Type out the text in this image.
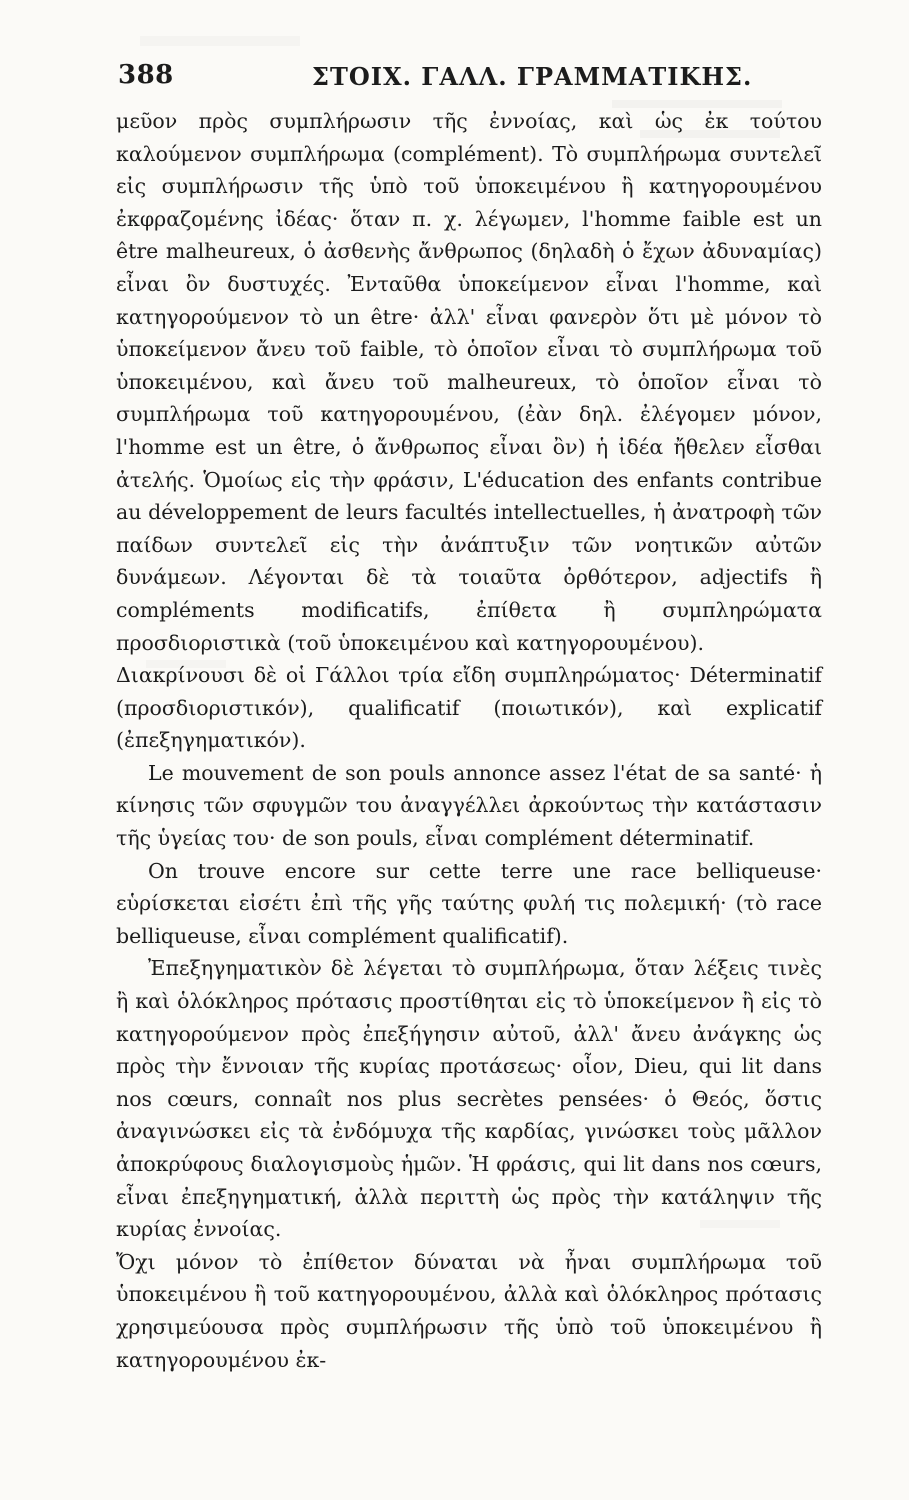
388	ΣΤΟΙΧ. ΓΑΛΛ. ΓΡΑΜΜΑΤΙΚΗΣ.

μεῦον πρὸς συμπλήρωσιν τῆς ἐννοίας, καὶ ὡς ἐκ τούτου καλούμενον συμπλήρωμα (complément). Τὸ συμπλήρωμα συντελεῖ εἰς συμπλήρωσιν τῆς ὑπὸ τοῦ ὑποκειμένου ἢ κατηγορουμένου ἐκφραζομένης ἰδέας· ὅταν π. χ. λέγωμεν, l'homme faible est un être malheureux, ὁ ἀσθενὴς ἄνθρωπος (δηλαδὴ ὁ ἔχων ἀδυναμίας) εἶναι ὂν δυστυχές. Ἐνταῦθα ὑποκείμενον εἶναι l'homme, καὶ κατηγορούμενον τὸ un être· ἀλλ' εἶναι φανερὸν ὅτι μὲ μόνον τὸ ὑποκείμενον ἄνευ τοῦ faible, τὸ ὁποῖον εἶναι τὸ συμπλήρωμα τοῦ ὑποκειμένου, καὶ ἄνευ τοῦ malheureux, τὸ ὁποῖον εἶναι τὸ συμπλήρωμα τοῦ κατηγορουμένου, (ἐὰν δηλ. ἐλέγομεν μόνον, l'homme est un être, ὁ ἄνθρωπος εἶναι ὂν) ἡ ἰδέα ἤθελεν εἶσθαι ἀτελής. Ὁμοίως εἰς τὴν φράσιν, L'éducation des enfants contribue au développement de leurs facultés intellectuelles, ἡ ἀνατροφὴ τῶν παίδων συντελεῖ εἰς τὴν ἀνάπτυξιν τῶν νοητικῶν αὐτῶν δυνάμεων. Λέγονται δὲ τὰ τοιαῦτα ὀρθότερον, adjectifs ἢ compléments modificatifs, ἐπίθετα ἢ συμπληρώματα προσδιοριστικὰ (τοῦ ὑποκειμένου καὶ κατηγορουμένου).

Διακρίνουσι δὲ οἱ Γάλλοι τρία εἴδη συμπληρώματος· Déterminatif (προσδιοριστικόν), qualificatif (ποιωτικόν), καὶ explicatif (ἐπεξηγηματικόν).

Le mouvement de son pouls annonce assez l'état de sa santé· ἡ κίνησις τῶν σφυγμῶν του ἀναγγέλλει ἀρκούντως τὴν κατάστασιν τῆς ὑγείας του· de son pouls, εἶναι complément déterminatif.

On trouve encore sur cette terre une race belliqueuse· εὑρίσκεται εἰσέτι ἐπὶ τῆς γῆς ταύτης φυλή τις πολεμική· (τὸ race belliqueuse, εἶναι complément qualificatif).

Ἐπεξηγηματικὸν δὲ λέγεται τὸ συμπλήρωμα, ὅταν λέξεις τινὲς ἢ καὶ ὁλόκληρος πρότασις προστίθηται εἰς τὸ ὑποκείμενον ἢ εἰς τὸ κατηγορούμενον πρὸς ἐπεξήγησιν αὐτοῦ, ἀλλ' ἄνευ ἀνάγκης ὡς πρὸς τὴν ἔννοιαν τῆς κυρίας προτάσεως· οἷον, Dieu, qui lit dans nos cœurs, connaît nos plus secrètes pensées· ὁ Θεός, ὅστις ἀναγινώσκει εἰς τὰ ἐνδόμυχα τῆς καρδίας, γινώσκει τοὺς μᾶλλον ἀποκρύφους διαλογισμοὺς ἡμῶν. Ἡ φράσις, qui lit dans nos cœurs, εἶναι ἐπεξηγηματική, ἀλλὰ περιττὴ ὡς πρὸς τὴν κατάληψιν τῆς κυρίας ἐννοίας.

Ὄχι μόνον τὸ ἐπίθετον δύναται νὰ ἦναι συμπλήρωμα τοῦ ὑποκειμένου ἢ τοῦ κατηγορουμένου, ἀλλὰ καὶ ὁλόκληρος πρότασις χρησιμεύουσα πρὸς συμπλήρωσιν τῆς ὑπὸ τοῦ ὑποκειμένου ἢ κατηγορουμένου ἐκ-
